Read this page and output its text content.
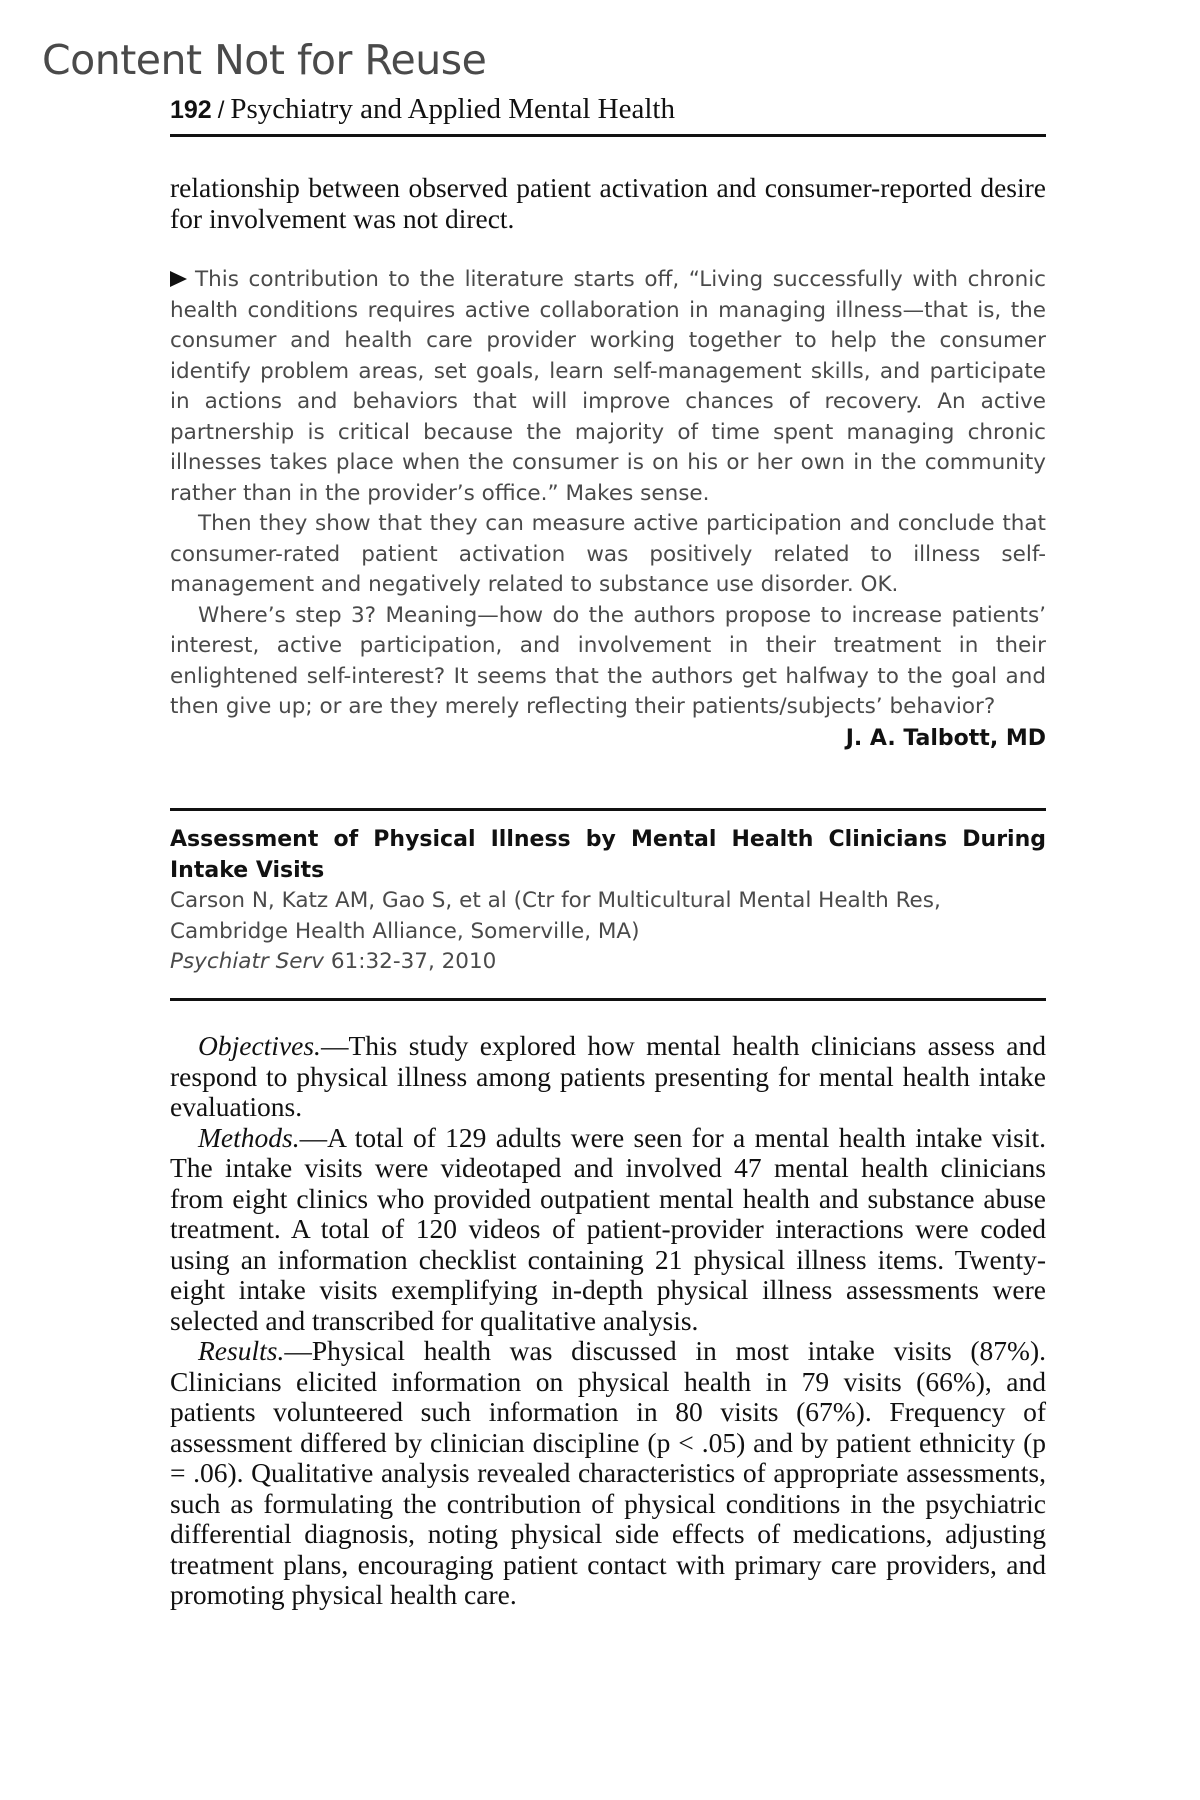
Content Not for Reuse
192 / Psychiatry and Applied Mental Health

relationship between observed patient activation and consumer-reported desire for involvement was not direct.

This contribution to the literature starts off, “Living successfully with chronic health conditions requires active collaboration in managing illness—that is, the consumer and health care provider working together to help the consumer identify problem areas, set goals, learn self-management skills, and participate in actions and behaviors that will improve chances of recovery. An active partnership is critical because the majority of time spent managing chronic illnesses takes place when the consumer is on his or her own in the community rather than in the provider’s office.” Makes sense.

Then they show that they can measure active participation and conclude that consumer-rated patient activation was positively related to illness self-management and negatively related to substance use disorder. OK.

Where’s step 3? Meaning—how do the authors propose to increase patients’ interest, active participation, and involvement in their treatment in their enlightened self-interest? It seems that the authors get halfway to the goal and then give up; or are they merely reflecting their patients/subjects’ behavior?

J. A. Talbott, MD
Assessment of Physical Illness by Mental Health Clinicians During Intake Visits
Carson N, Katz AM, Gao S, et al (Ctr for Multicultural Mental Health Res, Cambridge Health Alliance, Somerville, MA)
Psychiatr Serv 61:32-37, 2010

Objectives.—This study explored how mental health clinicians assess and respond to physical illness among patients presenting for mental health intake evaluations.

Methods.—A total of 129 adults were seen for a mental health intake visit. The intake visits were videotaped and involved 47 mental health clinicians from eight clinics who provided outpatient mental health and substance abuse treatment. A total of 120 videos of patient-provider interactions were coded using an information checklist containing 21 physical illness items. Twenty-eight intake visits exemplifying in-depth physical illness assessments were selected and transcribed for qualitative analysis.

Results.—Physical health was discussed in most intake visits (87%). Clinicians elicited information on physical health in 79 visits (66%), and patients volunteered such information in 80 visits (67%). Frequency of assessment differed by clinician discipline (p < .05) and by patient ethnicity (p = .06). Qualitative analysis revealed characteristics of appropriate assessments, such as formulating the contribution of physical conditions in the psychiatric differential diagnosis, noting physical side effects of medications, adjusting treatment plans, encouraging patient contact with primary care providers, and promoting physical health care.
